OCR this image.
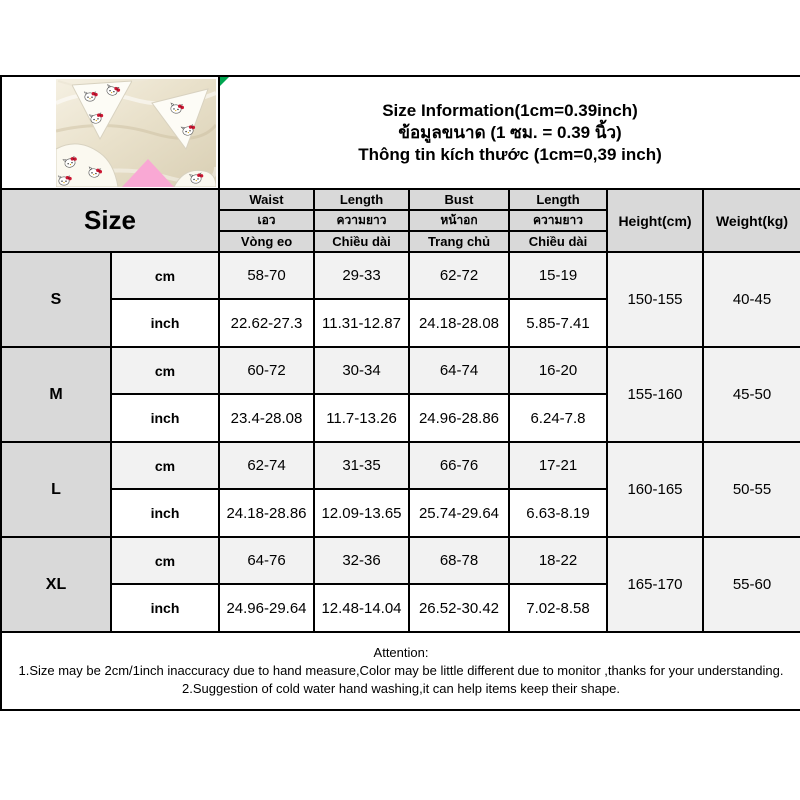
Size Information(1cm=0.39inch)
ข้อมูลขนาด (1 ซม. = 0.39 นิ้ว)
Thông tin kích thước (1cm=0,39 inch)					

Size		Waist	Length	Bust	Length	Height(cm)	Weight(kg)
		เอว	ความยาว	หน้าอก	ความยาว		
		Vòng eo	Chiều dài	Trang chủ	Chiều dài		
S	cm	58-70	29-33	62-72	15-19	150-155	40-45
	inch	22.62-27.3	11.31-12.87	24.18-28.08	5.85-7.41		
M	cm	60-72	30-34	64-74	16-20	155-160	45-50
	inch	23.4-28.08	11.7-13.26	24.96-28.86	6.24-7.8		
L	cm	62-74	31-35	66-76	17-21	160-165	50-55
	inch	24.18-28.86	12.09-13.65	25.74-29.64	6.63-8.19		
XL	cm	64-76	32-36	68-78	18-22	165-170	55-60
	inch	24.96-29.64	12.48-14.04	26.52-30.42	7.02-8.58		

Attention:
1.Size may be 2cm/1inch inaccuracy due to hand measure,Color may be little different due to monitor ,thanks for your understanding.
2.Suggestion of cold water hand washing,it can help items keep their shape.							
